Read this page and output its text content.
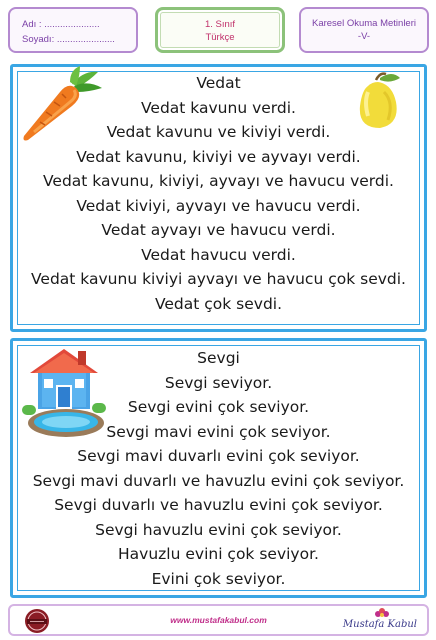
Adı : .....................
Soyadı: ......................
1. Sınıf
Türkçe
Karesel Okuma Metinleri
-V-
Vedat
Vedat kavunu verdi.
Vedat kavunu ve kiviyi verdi.
Vedat kavunu, kiviyi ve ayvayı verdi.
Vedat kavunu, kiviyi, ayvayı ve havucu verdi.
Vedat kiviyi, ayvayı ve havucu verdi.
Vedat ayvayı ve havucu verdi.
Vedat havucu verdi.
Vedat kavunu kiviyi ayvayı ve havucu çok sevdi.
Vedat çok sevdi.
Sevgi
Sevgi seviyor.
Sevgi evini çok seviyor.
Sevgi mavi evini çok seviyor.
Sevgi mavi duvarlı evini çok seviyor.
Sevgi mavi duvarlı ve havuzlu evini çok seviyor.
Sevgi duvarlı ve havuzlu evini çok seviyor.
Sevgi havuzlu evini çok seviyor.
Havuzlu evini çok seviyor.
Evini çok seviyor.
www.mustafakabul.com	Mustafa Kabul
